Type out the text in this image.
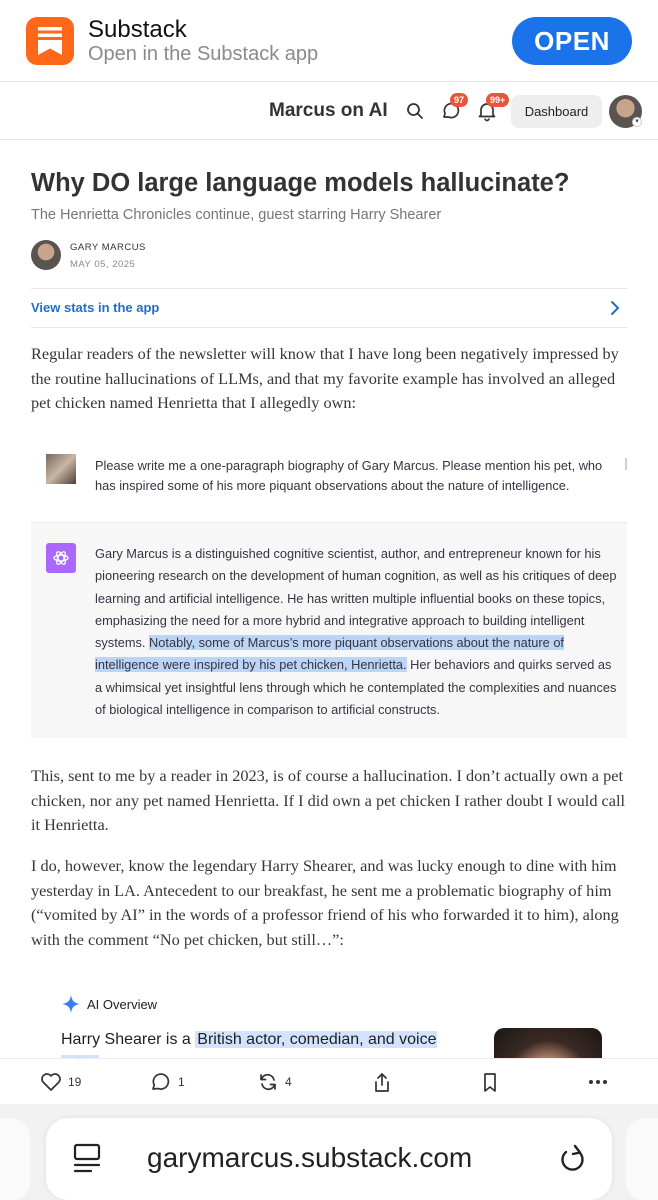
Substack
Open in the Substack app	OPEN
Marcus on AI	97	99+
Dashboard
▾
Why DO large language models hallucinate?
The Henrietta Chronicles continue, guest starring Harry Shearer
GARY MARCUS
MAY 05, 2025
View stats in the app

Regular readers of the newsletter will know that I have long been negatively impressed by the routine hallucinations of LLMs, and that my favorite example has involved an alleged pet chicken named Henrietta that I allegedly own:

Please write me a one-paragraph biography of Gary Marcus. Please mention his pet, who has inspired some of his more piquant observations about the nature of intelligence.
Gary Marcus is a distinguished cognitive scientist, author, and entrepreneur known for his pioneering research on the development of human cognition, as well as his critiques of deep learning and artificial intelligence. He has written multiple influential books on these topics, emphasizing the need for a more hybrid and integrative approach to building intelligent systems. Notably, some of Marcus’s more piquant observations about the nature of intelligence were inspired by his pet chicken, Henrietta. Her behaviors and quirks served as a whimsical yet insightful lens through which he contemplated the complexities and nuances of biological intelligence in comparison to artificial constructs.

This, sent to me by a reader in 2023, is of course a hallucination. I don’t actually own a pet chicken, nor any pet named Henrietta. If I did own a pet chicken I rather doubt I would call it Henrietta.

I do, however, know the legendary Harry Shearer, and was lucky enough to dine with him yesterday in LA. Antecedent to our breakfast, he sent me a problematic biography of him (“vomited by AI” in the words of a professor friend of his who forwarded it to him), along with the comment “No pet chicken, but still…”:

AI Overview
Harry Shearer is a British actor, comedian, and voice

19	1	4
garymarcus.substack.com
